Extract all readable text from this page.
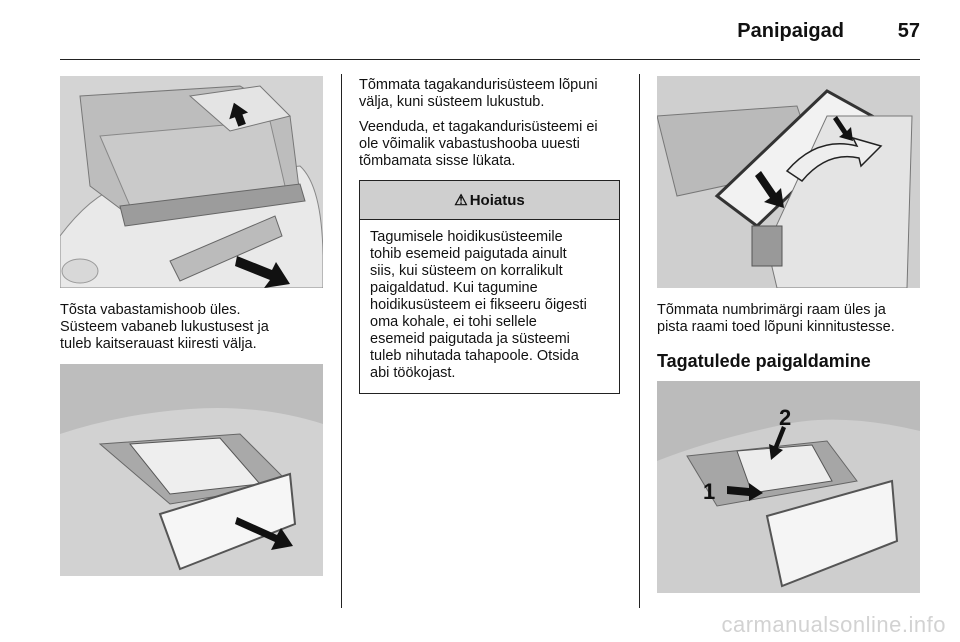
Panipaigad	57
Tõsta vabastamishoob üles.
Süsteem vabaneb lukustusest ja
tuleb kaitserauast kiiresti välja.

Tõmmata tagakandurisüsteem lõpuni
välja, kuni süsteem lukustub.

Veenduda, et tagakandurisüsteemi ei
ole võimalik vabastushooba uuesti
tõmbamata sisse lükata.

⚠ Hoiatus
Tagumisele hoidikusüsteemile
tohib esemeid paigutada ainult
siis, kui süsteem on korralikult
paigaldatud. Kui tagumine
hoidikusüsteem ei fikseeru õigesti
oma kohale, ei tohi sellele
esemeid paigutada ja süsteemi
tuleb nihutada tahapoole. Otsida
abi töökojast.
Tõmmata numbrimärgi raam üles ja
pista raami toed lõpuni kinnitustesse.
Tagatulede paigaldamine
2
1
carmanualsonline.info
